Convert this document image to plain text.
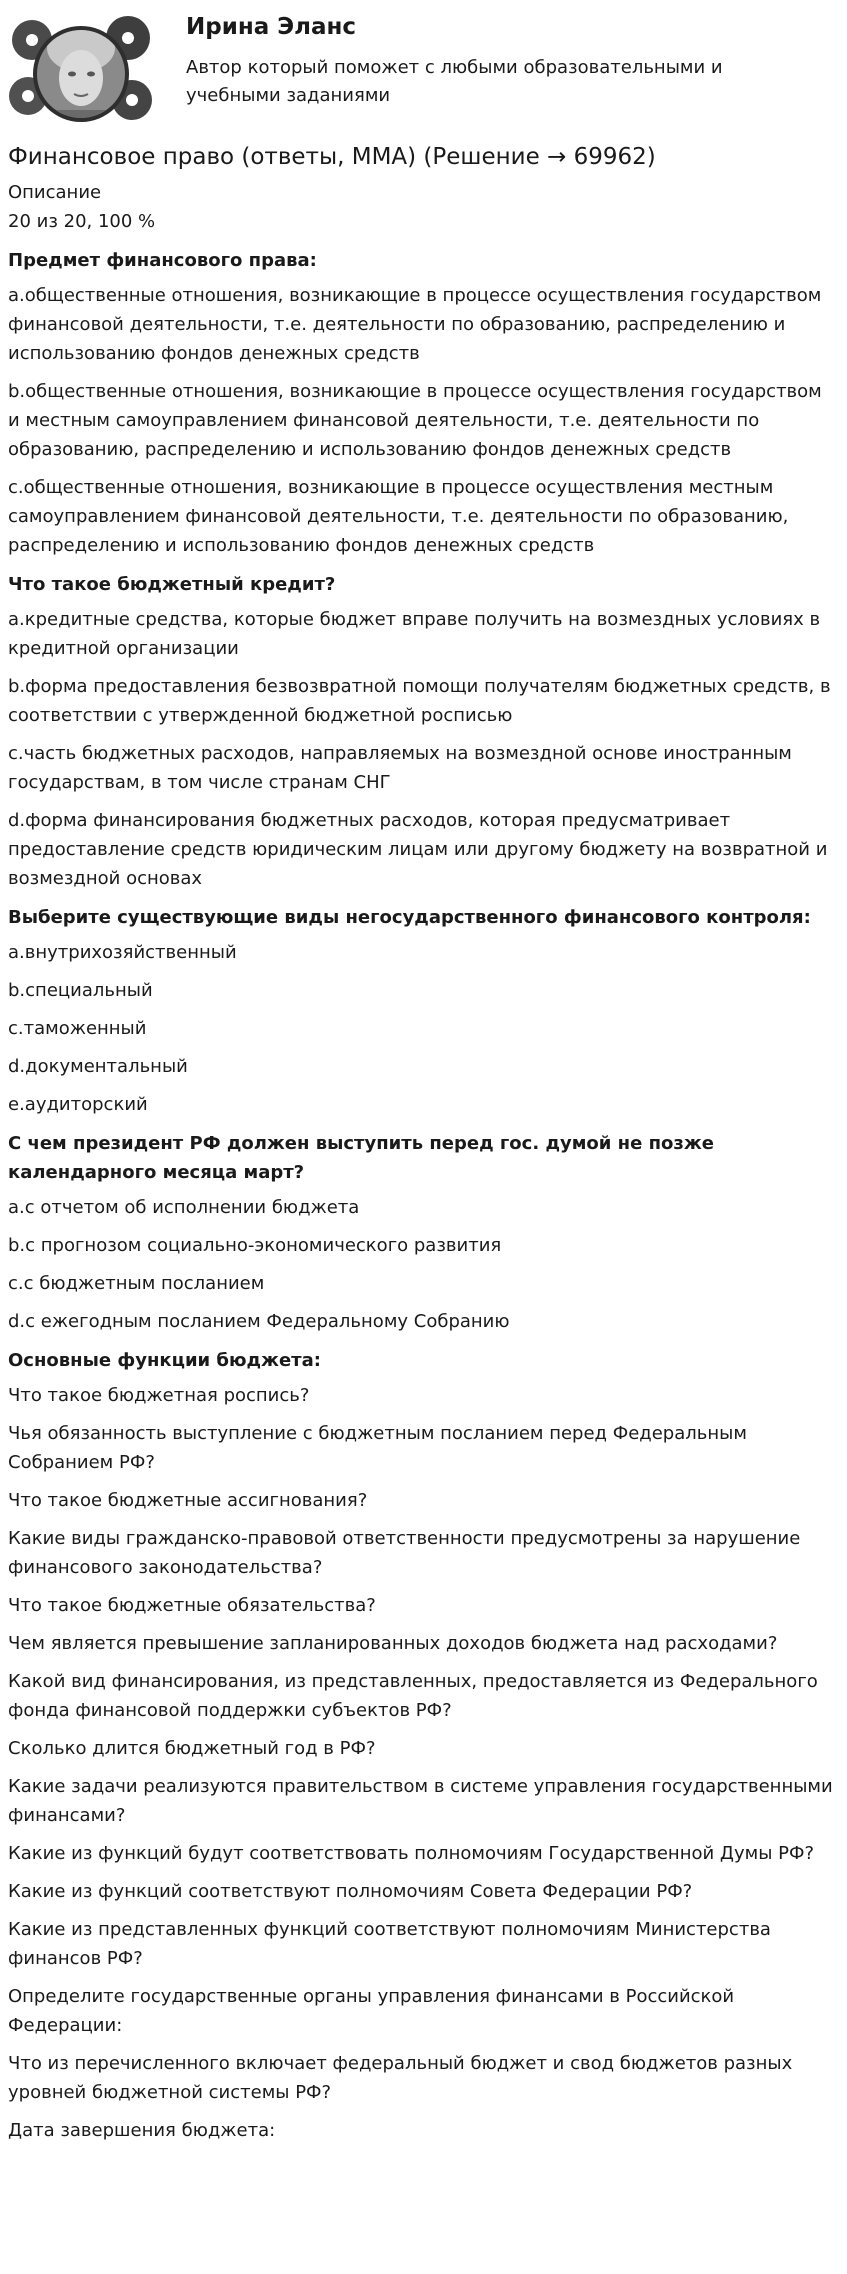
Ирина Эланс

Автор который поможет с любыми образовательными и учебными заданиями

Финансовое право (ответы, ММА) (Решение → 69962)

Описание

20 из 20, 100 %

Предмет финансового права:

a.общественные отношения, возникающие в процессе осуществления государством финансовой деятельности, т.е. деятельности по образованию, распределению и использованию фондов денежных средств

b.общественные отношения, возникающие в процессе осуществления государством и местным самоуправлением финансовой деятельности, т.е. деятельности по образованию, распределению и использованию фондов денежных средств

c.общественные отношения, возникающие в процессе осуществления местным самоуправлением финансовой деятельности, т.е. деятельности по образованию, распределению и использованию фондов денежных средств

Что такое бюджетный кредит?

a.кредитные средства, которые бюджет вправе получить на возмездных условиях в кредитной организации

b.форма предоставления безвозвратной помощи получателям бюджетных средств, в соответствии с утвержденной бюджетной росписью

c.часть бюджетных расходов, направляемых на возмездной основе иностранным государствам, в том числе странам СНГ

d.форма финансирования бюджетных расходов, которая предусматривает предоставление средств юридическим лицам или другому бюджету на возвратной и возмездной основах

Выберите существующие виды негосударственного финансового контроля:

a.внутрихозяйственный

b.специальный

c.таможенный

d.документальный

e.аудиторский

С чем президент РФ должен выступить перед гос. думой не позже календарного месяца март?

a.с отчетом об исполнении бюджета

b.с прогнозом социально-экономического развития

c.с бюджетным посланием

d.с ежегодным посланием Федеральному Собранию

Основные функции бюджета:

Что такое бюджетная роспись?

Чья обязанность выступление с бюджетным посланием перед Федеральным Собранием РФ?

Что такое бюджетные ассигнования?

Какие виды гражданско-правовой ответственности предусмотрены за нарушение финансового законодательства?

Что такое бюджетные обязательства?

Чем является превышение запланированных доходов бюджета над расходами?

Какой вид финансирования, из представленных, предоставляется из Федерального фонда финансовой поддержки субъектов РФ?

Сколько длится бюджетный год в РФ?

Какие задачи реализуются правительством в системе управления государственными финансами?

Какие из функций будут соответствовать полномочиям Государственной Думы РФ?

Какие из функций соответствуют полномочиям Совета Федерации РФ?

Какие из представленных функций соответствуют полномочиям Министерства финансов РФ?

Определите государственные органы управления финансами в Российской Федерации:

Что из перечисленного включает федеральный бюджет и свод бюджетов разных уровней бюджетной системы РФ?

Дата завершения бюджета:
